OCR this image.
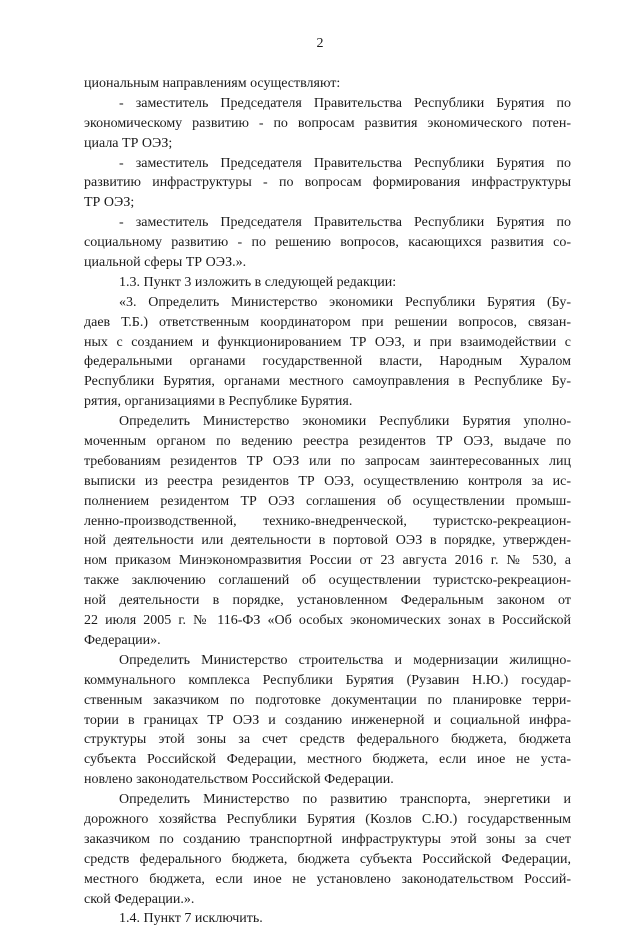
2
циональным направлениям осуществляют:
- заместитель Председателя Правительства Республики Бурятия по
экономическому развитию - по вопросам развития экономического потен-
циала ТР ОЭЗ;
- заместитель Председателя Правительства Республики Бурятия по
развитию инфраструктуры - по вопросам формирования инфраструктуры
ТР ОЭЗ;
- заместитель Председателя Правительства Республики Бурятия по
социальному развитию - по решению вопросов, касающихся развития со-
циальной сферы ТР ОЭЗ.».
1.3. Пункт 3 изложить в следующей редакции:
«3. Определить Министерство экономики Республики Бурятия (Бу-
даев Т.Б.) ответственным координатором при решении вопросов, связан-
ных с созданием и функционированием ТР ОЭЗ, и при взаимодействии с
федеральными органами государственной власти, Народным Хуралом
Республики Бурятия, органами местного самоуправления в Республике Бу-
рятия, организациями в Республике Бурятия.
Определить Министерство экономики Республики Бурятия уполно-
моченным органом по ведению реестра резидентов ТР ОЭЗ, выдаче по
требованиям резидентов ТР ОЭЗ или по запросам заинтересованных лиц
выписки из реестра резидентов ТР ОЭЗ, осуществлению контроля за ис-
полнением резидентом ТР ОЭЗ соглашения об осуществлении промыш-
ленно-производственной, технико-внедренческой, туристско-рекреацион-
ной деятельности или деятельности в портовой ОЭЗ в порядке, утвержден-
ном приказом Минэкономразвития России от 23 августа 2016 г. № 530, а
также заключению соглашений об осуществлении туристско-рекреацион-
ной деятельности в порядке, установленном Федеральным законом от
22 июля 2005 г. № 116-ФЗ «Об особых экономических зонах в Российской
Федерации».
Определить Министерство строительства и модернизации жилищно-
коммунального комплекса Республики Бурятия (Рузавин Н.Ю.) государ-
ственным заказчиком по подготовке документации по планировке терри-
тории в границах ТР ОЭЗ и созданию инженерной и социальной инфра-
структуры этой зоны за счет средств федерального бюджета, бюджета
субъекта Российской Федерации, местного бюджета, если иное не уста-
новлено законодательством Российской Федерации.
Определить Министерство по развитию транспорта, энергетики и
дорожного хозяйства Республики Бурятия (Козлов С.Ю.) государственным
заказчиком по созданию транспортной инфраструктуры этой зоны за счет
средств федерального бюджета, бюджета субъекта Российской Федерации,
местного бюджета, если иное не установлено законодательством Россий-
ской Федерации.».
1.4. Пункт 7 исключить.
